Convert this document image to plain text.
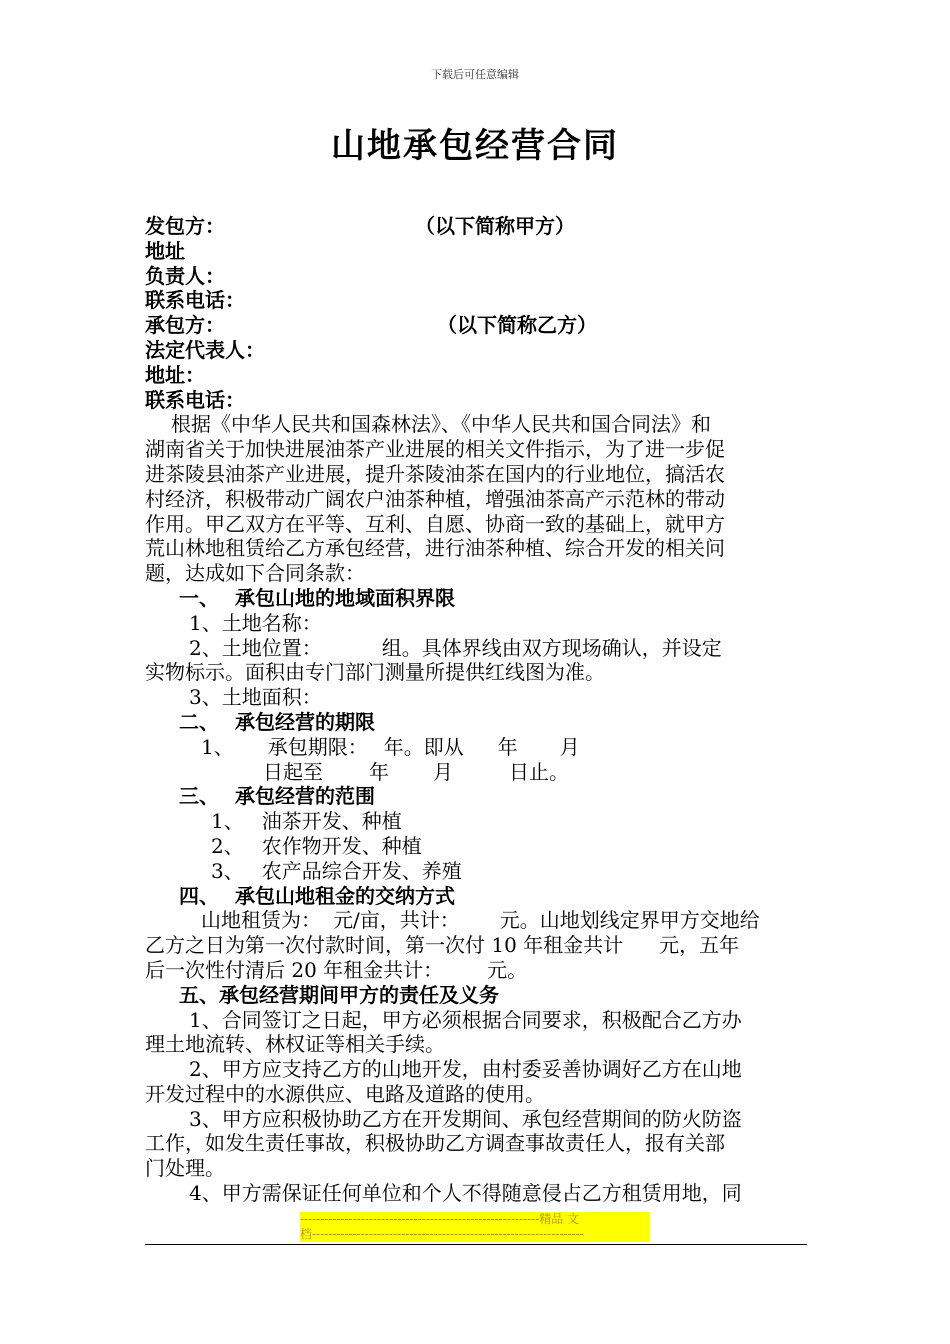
下载后可任意编辑
山地承包经营合同
发包方：	（以下简称甲方）
地址
负责人：
联系电话：
承包方：	（以下简称乙方）
法定代表人：
地址：
联系电话：
根据《中华人民共和国森林法》、《中华人民共和国合同法》和
湖南省关于加快进展油茶产业进展的相关文件指示，为了进一步促
进茶陵县油茶产业进展，提升茶陵油茶在国内的行业地位，搞活农
村经济，积极带动广阔农户油茶种植，增强油茶高产示范林的带动
作用。甲乙双方在平等、互利、自愿、协商一致的基础上，就甲方
荒山林地租赁给乙方承包经营，进行油茶种植、综合开发的相关问
题，达成如下合同条款：
一、 承包山地的地域面积界限
1、土地名称：
2、土地位置：	组。具体界线由双方现场确认，并设定
实物标示。面积由专门部门测量所提供红线图为准。
3、土地面积：
二、 承包经营的期限
1、 承包期限： 年。即从 年 月
日起至 年 月	日止。
三、 承包经营的范围
1、 油茶开发、种植
2、 农作物开发、种植
3、 农产品综合开发、养殖
四、 承包山地租金的交纳方式
山地租赁为： 元/亩，共计： 元。山地划线定界甲方交地给
乙方之日为第一次付款时间，第一次付 10 年租金共计 元，五年
后一次性付清后 20 年租金共计： 元。
五、承包经营期间甲方的责任及义务
1、合同签订之日起，甲方必须根据合同要求，积极配合乙方办
理土地流转、林权证等相关手续。
2、甲方应支持乙方的山地开发，由村委妥善协调好乙方在山地
开发过程中的水源供应、电路及道路的使用。
3、甲方应积极协助乙方在开发期间、承包经营期间的防火防盗
工作，如发生责任事故，积极协助乙方调查事故责任人，报有关部
门处理。
4、甲方需保证任何单位和个人不得随意侵占乙方租赁用地，同
-----------------------------------------------------------精品 文
档-------------------------------------------------------------------
